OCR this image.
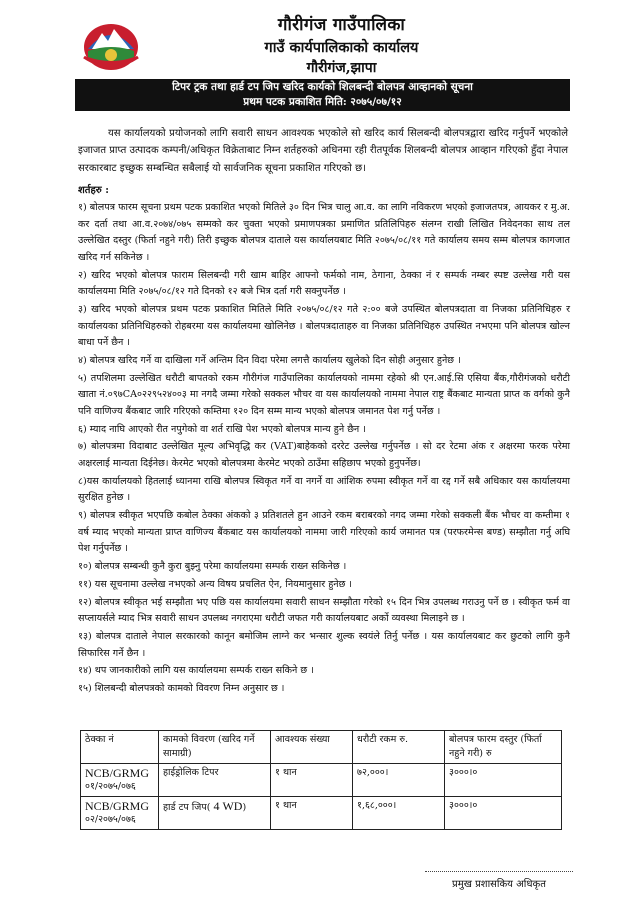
गौरीगंज गाउँपालिका
गाउँ कार्यपालिकाको कार्यालय
गौरीगंज,झापा
टिपर ट्रक तथा हार्ड टप जिप खरिद कार्यको शिलबन्दी बोलपत्र आव्हानको सूचना
प्रथम पटक प्रकाशित मिति: २०७५/०७/१२
यस कार्यालयको प्रयोजनको लागि सवारी साधन आवश्यक भएकोले सो खरिद कार्य सिलबन्दी बोलपत्रद्वारा खरिद गर्नुपर्ने भएकोले इजाजत प्राप्त उत्पादक कम्पनी/अधिकृत विक्रेताबाट निम्न शर्तहरुको अधिनमा रही रीतपूर्वक शिलबन्दी बोलपत्र आव्हान गरिएको हुँदा नेपाल सरकारबाट इच्छुक सम्बन्धित सबैलाई यो सार्वजनिक सूचना प्रकाशित गरिएको छ।
शर्तहरु :

१) बोलपत्र फारम सूचना प्रथम पटक प्रकाशित भएको मितिले ३० दिन भित्र चालु आ.व. का लागि नविकरण भएको इजाजतपत्र, आयकर र मु.अ. कर दर्ता तथा आ.व.२०७४/०७५ सम्मको कर चुक्ता भएको प्रमाणपत्रका प्रमाणित प्रतिलिपिहरु संलग्न राखी लिखित निवेदनका साथ तल उल्लेखित दस्तुर (फिर्ता नहुने गरी) तिरी इच्छुक बोलपत्र दाताले यस कार्यालयबाट मिति २०७५/०८/११ गते कार्यालय समय सम्म बोलपत्र कागजात खरिद गर्न सकिनेछ ।

२) खरिद भएको बोलपत्र फाराम सिलबन्दी गरी खाम बाहिर आफ्नो फर्मको नाम, ठेगाना, ठेक्का नं र सम्पर्क नम्बर स्पष्ट उल्लेख गरी यस कार्यालयमा मिति २०७५/०८/१२ गते दिनको १२ बजे भित्र दर्ता गरी सक्नुपर्नेछ ।

३) खरिद भएको बोलपत्र प्रथम पटक प्रकाशित मितिले मिति २०७५/०८/१२ गते २:०० बजे उपस्थित बोलपत्रदाता वा निजका प्रतिनिधिहरु र कार्यालयका प्रतिनिधिहरुको रोहबरमा यस कार्यालयमा खोलिनेछ । बोलपत्रदाताहरु वा निजका प्रतिनिधिहरु उपस्थित नभएमा पनि बोलपत्र खोल्न बाधा पर्ने छैन ।

४) बोलपत्र खरिद गर्ने वा दाखिला गर्ने अन्तिम दिन विदा परेमा लगत्तै कार्यालय खुलेको दिन सोही अनुसार हुनेछ ।

५) तपशिलमा उल्लेखित धरौटी बापतको रकम गौरीगंज गाउँपालिका कार्यालयको नाममा रहेको श्री एन.आई.सि एसिया बैंक,गौरीगंजको धरौटी खाता नं.०९७CA०२२९५२४००३ मा नगदै जम्मा गरेको सक्कल भौचर वा यस कार्यालयको नाममा नेपाल राष्ट्र बैंकबाट मान्यता प्राप्त क वर्गको कुनै पनि वाणिज्य बैंकबाट जारि गरिएको कम्तिमा १२० दिन सम्म मान्य भएको बोलपत्र जमानत पेश गर्नु पर्नेछ ।

६) म्याद नाघि आएको रीत नपुगेको वा शर्त राखि पेश भएको बोलपत्र मान्य हुने छैन ।

७) बोलपत्रमा विदाबाट उल्लेखित मूल्य अभिवृद्धि कर (VAT)बाहेकको दररेट उल्लेख गर्नुपर्नेछ । सो दर रेटमा अंक र अक्षरमा फरक परेमा अक्षरलाई मान्यता दिईनेछ। केरमेट भएको बोलपत्रमा केरमेट भएको ठाउँमा सहिछाप भएको हुनुपर्नेछ।

८)यस कार्यालयको हितलाई ध्यानमा राखि बोलपत्र स्विकृत गर्ने वा नगर्ने वा आंशिक रुपमा स्वीकृत गर्ने वा रद्द गर्ने सबै अधिकार यस कार्यालयमा सुरक्षित हुनेछ ।

९) बोलपत्र स्वीकृत भएपछि कबोल ठेक्का अंकको ३ प्रतिशतले हुन आउने रकम बराबरको नगद जम्मा गरेको सक्कली बैंक भौचर वा कम्तीमा १ वर्ष म्याद भएको मान्यता प्राप्त वाणिज्य बैंकबाट यस कार्यालयको नाममा जारी गरिएको कार्य जमानत पत्र (परफरमेन्स बण्ड) सम्झौता गर्नु अघि पेश गर्नुपर्नेछ ।

१०) बोलपत्र सम्बन्धी कुनै कुरा बुझ्नु परेमा कार्यालयमा सम्पर्क राख्न सकिनेछ ।

११) यस सूचनामा उल्लेख नभएको अन्य विषय प्रचलित ऐन, नियमानुसार हुनेछ ।

१२) बोलपत्र स्वीकृत भई सम्झौता भए पछि यस कार्यालयमा सवारी साधन सम्झौता गरेको १५ दिन भित्र उपलब्ध गराउनु पर्ने छ । स्वीकृत फर्म वा सप्लायर्सले म्याद भित्र सवारी साधन उपलब्ध नगराएमा धरौटी जफत गरी कार्यालयबाट अर्को व्यवस्था मिलाइने छ ।

१३) बोलपत्र दाताले नेपाल सरकारको कानून बमोजिम लाग्ने कर भन्सार शुल्क स्वयंले तिर्नु पर्नेछ । यस कार्यालयबाट कर छुटको लागि कुनै सिफारिस गर्ने छैन ।

१४) थप जानकारीको लागि यस कार्यालयमा सम्पर्क राख्न सकिने छ ।

१५) शिलबन्दी बोलपत्रको कामको विवरण निम्न अनुसार छ ।

ठेक्का नं	कामको विवरण (खरिद गर्ने सामाग्री)	आवश्यक संख्या	धरौटी रकम रु.	बोलपत्र फारम दस्तुर (फिर्ता नहुने गरी) रु

NCB/GRMG
०१/२०७५/०७६	हाईड्रोलिक टिपर	१ थान	७२,०००।	३०००।०

NCB/GRMG
०२/२०७५/०७६	हार्ड टप जिप( 4 WD)	१ थान	१,६८,०००।	३०००।०
प्रमुख प्रशासकिय अधिकृत
